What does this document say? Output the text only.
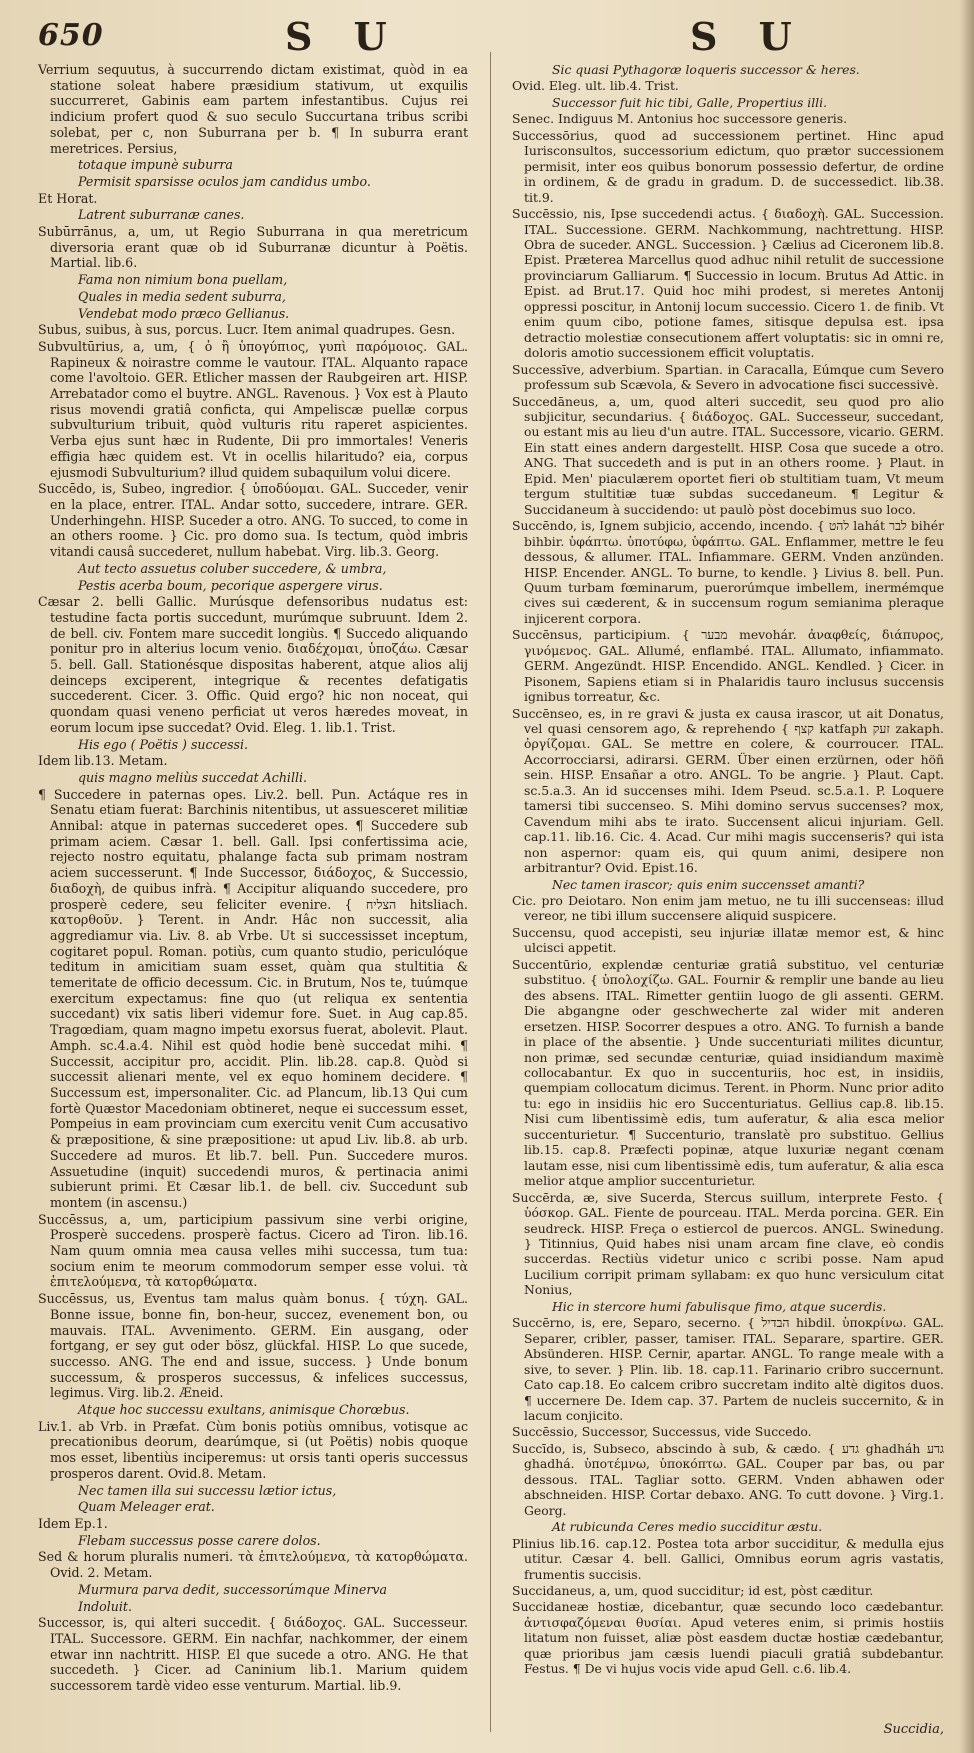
650	S U	S U

Verrium sequutus, à succurrendo dictam existimat, quòd in ea statione soleat habere præsidium stativum, ut exquilis succurreret, Gabinis eam partem infestantibus. Cujus rei indicium profert quod & suo seculo Succurtana tribus scribi solebat, per c, non Suburrana per b. ¶ In suburra erant meretrices. Persius,

totaque impunè suburra

Permisit sparsisse oculos jam candidus umbo.

Et Horat.

Latrent suburranæ canes.

Subūrrānus, a, um, ut Regio Suburrana in qua meretricum diversoria erant quæ ob id Suburranæ dicuntur à Poëtis. Martial. lib.6.

Fama non nimium bona puellam,

Quales in media sedent suburra,

Vendebat modo præco Gellianus.

Subus, suibus, à sus, porcus. Lucr. Item animal quadrupes. Gesn.

Subvultūrius, a, um, { ὁ ἢ ὑπογύπιος, γυπὶ παρόμοιος. GAL. Rapineux & noirastre comme le vautour. ITAL. Alquanto rapace come l'avoltoio. GER. Etlicher massen der Raubgeiren art. HISP. Arrebatador como el buytre. ANGL. Ravenous. } Vox est à Plauto risus movendi gratiâ conficta, qui Ampeliscæ puellæ corpus subvulturium tribuit, quòd vulturis ritu raperet aspicientes. Verba ejus sunt hæc in Rudente, Dii pro immortales! Veneris effigia hæc quidem est. Vt in ocellis hilaritudo? eia, corpus ejusmodi Subvulturium? illud quidem subaquilum volui dicere.

Succēdo, is, Subeo, ingredior. { ὑποδύομαι. GAL. Succeder, venir en la place, entrer. ITAL. Andar sotto, succedere, intrare. GER. Underhingehn. HISP. Suceder a otro. ANG. To succed, to come in an others roome. } Cic. pro domo sua. Is tectum, quòd imbris vitandi causâ succederet, nullum habebat. Virg. lib.3. Georg.

Aut tecto assuetus coluber succedere, & umbra,

Pestis acerba boum, pecorique aspergere virus.

Cæsar 2. belli Gallic. Murúsque defensoribus nudatus est: testudine facta portis succedunt, murúmque subruunt. Idem 2. de bell. civ. Fontem mare succedit longiùs. ¶ Succedo aliquando ponitur pro in alterius locum venio. διαδέχομαι, ὑποζάω. Cæsar 5. bell. Gall. Stationésque dispositas haberent, atque alios alij deinceps exciperent, integrique & recentes defatigatis succederent. Cicer. 3. Offic. Quid ergo? hic non noceat, qui quondam quasi veneno perficiat ut veros hæredes moveat, in eorum locum ipse succedat? Ovid. Eleg. 1. lib.1. Trist.

His ego ( Poëtis ) successi.

Idem lib.13. Metam.

quis magno meliùs succedat Achilli.

¶ Succedere in paternas opes. Liv.2. bell. Pun. Actáque res in Senatu etiam fuerat: Barchinis nitentibus, ut assuesceret militiæ Annibal: atque in paternas succederet opes. ¶ Succedere sub primam aciem. Cæsar 1. bell. Gall. Ipsi confertissima acie, rejecto nostro equitatu, phalange facta sub primam nostram aciem successerunt. ¶ Inde Successor, διάδοχος, & Successio, διαδοχὴ, de quibus infrà. ¶ Accipitur aliquando succedere, pro prosperè cedere, seu feliciter evenire. { הצליח hitsliach. κατορθοῦν. } Terent. in Andr. Hâc non successit, alia aggrediamur via. Liv. 8. ab Vrbe. Ut si successisset inceptum, cogitaret popul. Roman. potiùs, cum quanto studio, periculóque teditum in amicitiam suam esset, quàm qua stultitia & temeritate de officio decessum. Cic. in Brutum, Nos te, tuúmque exercitum expectamus: fine quo (ut reliqua ex sententia succedant) vix satis liberi videmur fore. Suet. in Aug cap.85. Tragœdiam, quam magno impetu exorsus fuerat, abolevit. Plaut. Amph. sc.4.a.4. Nihil est quòd hodie benè succedat mihi. ¶ Successit, accipitur pro, accidit. Plin. lib.28. cap.8. Quòd si successit alienari mente, vel ex equo hominem decidere. ¶ Successum est, impersonaliter. Cic. ad Plancum, lib.13 Qui cum fortè Quæstor Macedoniam obtineret, neque ei successum esset, Pompeius in eam provinciam cum exercitu venit Cum accusativo & præpositione, & sine præpositione: ut apud Liv. lib.8. ab urb. Succedere ad muros. Et lib.7. bell. Pun. Succedere muros. Assuetudine (inquit) succedendi muros, & pertinacia animi subierunt primi. Et Cæsar lib.1. de bell. civ. Succedunt sub montem (in ascensu.)

Succēssus, a, um, participium passivum sine verbi origine, Prosperè succedens. prosperè factus. Cicero ad Tiron. lib.16. Nam quum omnia mea causa velles mihi successa, tum tua: socium enim te meorum commodorum semper esse volui. τὰ ἐπιτελούμενα, τὰ κατορθώματα.

Succēssus, us, Eventus tam malus quàm bonus. { τύχη. GAL. Bonne issue, bonne fin, bon-heur, succez, evenement bon, ou mauvais. ITAL. Avvenimento. GERM. Ein ausgang, oder fortgang, er sey gut oder bösz, glückfal. HISP. Lo que sucede, successo. ANG. The end and issue, success. } Unde bonum successum, & prosperos successus, & infelices successus, legimus. Virg. lib.2. Æneid.

Atque hoc successu exultans, animisque Chorœbus.

Liv.1. ab Vrb. in Præfat. Cùm bonis potiùs omnibus, votisque ac precationibus deorum, dearúmque, si (ut Poëtis) nobis quoque mos esset, libentiùs inciperemus: ut orsis tanti operis successus prosperos darent. Ovid.8. Metam.

Nec tamen illa sui successu lætior ictus,

Quam Meleager erat.

Idem Ep.1.

Flebam successus posse carere dolos.

Sed & horum pluralis numeri. τὰ ἐπιτελούμενα, τὰ κατορθώματα. Ovid. 2. Metam.

Murmura parva dedit, successorúmque Minerva

Indoluit.

Successor, is, qui alteri succedit. { διάδοχος. GAL. Successeur. ITAL. Successore. GERM. Ein nachfar, nachkommer, der einem etwar inn nachtritt. HISP. El que sucede a otro. ANG. He that succedeth. } Cicer. ad Caninium lib.1. Marium quidem successorem tardè video esse venturum. Martial. lib.9.

Sic quasi Pythagoræ loqueris successor & heres.

Ovid. Eleg. ult. lib.4. Trist.

Successor fuit hic tibi, Galle, Propertius illi.

Senec. Indiguus M. Antonius hoc successore generis.

Successōrius, quod ad successionem pertinet. Hinc apud Iurisconsultos, successorium edictum, quo prætor successionem permisit, inter eos quibus bonorum possessio defertur, de ordine in ordinem, & de gradu in gradum. D. de successedict. lib.38. tit.9.

Succēssio, nis, Ipse succedendi actus. { διαδοχὴ. GAL. Succession. ITAL. Successione. GERM. Nachkommung, nachtrettung. HISP. Obra de suceder. ANGL. Succession. } Cælius ad Ciceronem lib.8. Epist. Præterea Marcellus quod adhuc nihil retulit de successione provinciarum Galliarum. ¶ Successio in locum. Brutus Ad Attic. in Epist. ad Brut.17. Quid hoc mihi prodest, si meretes Antonij oppressi poscitur, in Antonij locum successio. Cicero 1. de finib. Vt enim quum cibo, potione fames, sitisque depulsa est. ipsa detractio molestiæ consecutionem affert voluptatis: sic in omni re, doloris amotio successionem efficit voluptatis.

Successīve, adverbium. Spartian. in Caracalla, Eúmque cum Severo professum sub Scævola, & Severo in advocatione fisci successivè.

Succedāneus, a, um, quod alteri succedit, seu quod pro alio subjicitur, secundarius. { διάδοχος. GAL. Successeur, succedant, ou estant mis au lieu d'un autre. ITAL. Successore, vicario. GERM. Ein statt eines andern dargestellt. HISP. Cosa que sucede a otro. ANG. That succedeth and is put in an others roome. } Plaut. in Epid. Men' piaculærem oportet fieri ob stultitiam tuam, Vt meum tergum stultitiæ tuæ subdas succedaneum. ¶ Legitur & Succidaneum à succidendo: ut paulò pòst docebimus suo loco.

Succēndo, is, Ignem subjicio, accendo, incendo. { להט lahát לבר bihér bihbir. ὑφάπτω. ὑποτύφω, ὑφάπτω. GAL. Enflammer, mettre le feu dessous, & allumer. ITAL. Infiammare. GERM. Vnden anzünden. HISP. Encender. ANGL. To burne, to kendle. } Livius 8. bell. Pun. Quum turbam fœminarum, puerorúmque imbellem, inermémque cives sui cæderent, & in succensum rogum semianima pleraque injicerent corpora.

Succēnsus, participium. { מבער mevohár. ἀναφθείς, διάπυρος, γινόμενος. GAL. Allumé, enflambé. ITAL. Allumato, infiammato. GERM. Angezündt. HISP. Encendido. ANGL. Kendled. } Cicer. in Pisonem, Sapiens etiam si in Phalaridis tauro inclusus succensis ignibus torreatur, &c.

Succēnseo, es, in re gravi & justa ex causa irascor, ut ait Donatus, vel quasi censorem ago, & reprehendo { קצף katfaph זעק zakaph. ὀργίζομαι. GAL. Se mettre en colere, & courroucer. ITAL. Accorrocciarsi, adirarsi. GERM. Über einen erzürnen, oder höñ sein. HISP. Ensañar a otro. ANGL. To be angrie. } Plaut. Capt. sc.5.a.3. An id succenses mihi. Idem Pseud. sc.5.a.1. P. Loquere tamersi tibi succenseo. S. Mihi domino servus succenses? mox, Cavendum mihi abs te irato. Succensent alicui injuriam. Gell. cap.11. lib.16. Cic. 4. Acad. Cur mihi magis succenseris? qui ista non aspernor: quam eis, qui quum animi, desipere non arbitrantur? Ovid. Epist.16.

Nec tamen irascor; quis enim succensset amanti?

Cic. pro Deiotaro. Non enim jam metuo, ne tu illi succenseas: illud vereor, ne tibi illum succensere aliquid suspicere.

Succensu, quod accepisti, seu injuriæ illatæ memor est, & hinc ulcisci appetit.

Succentūrio, explendæ centuriæ gratiâ substituo, vel centuriæ substituo. { ὑπολοχίζω. GAL. Fournir & remplir une bande au lieu des absens. ITAL. Rimetter gentiin luogo de gli assenti. GERM. Die abgangne oder geschwecherte zal wider mit anderen ersetzen. HISP. Socorrer despues a otro. ANG. To furnish a bande in place of the absentie. } Unde succenturiati milites dicuntur, non primæ, sed secundæ centuriæ, quiad insidiandum maximè collocabantur. Ex quo in succenturiis, hoc est, in insidiis, quempiam collocatum dicimus. Terent. in Phorm. Nunc prior adito tu: ego in insidiis hic ero Succenturiatus. Gellius cap.8. lib.15. Nisi cum libentissimè edis, tum auferatur, & alia esca melior succenturietur. ¶ Succenturio, translatè pro substituo. Gellius lib.15. cap.8. Præfecti popinæ, atque luxuriæ negant cœnam lautam esse, nisi cum libentissimè edis, tum auferatur, & alia esca melior atque amplior succenturietur.

Succērda, æ, sive Sucerda, Stercus suillum, interprete Festo. { ὑόσκορ. GAL. Fiente de pourceau. ITAL. Merda porcina. GER. Ein seudreck. HISP. Freça o estiercol de puercos. ANGL. Swinedung. } Titinnius, Quid habes nisi unam arcam fine clave, eò condis succerdas. Rectiùs videtur unico c scribi posse. Nam apud Lucilium corripit primam syllabam: ex quo hunc versiculum citat Nonius,

Hic in stercore humi fabulisque fimo, atque sucerdis.

Succērno, is, ere, Separo, secerno. { הבדיל hibdil. ὑποκρίνω. GAL. Separer, cribler, passer, tamiser. ITAL. Separare, spartire. GER. Absünderen. HISP. Cernir, apartar. ANGL. To range meale with a sive, to sever. } Plin. lib. 18. cap.11. Farinario cribro succernunt. Cato cap.18. Eo calcem cribro succretam indito altè digitos duos. ¶ uccernere De. Idem cap. 37. Partem de nucleis succernito, & in lacum conjicito.

Succēssio, Successor, Successus, vide Succedo.

Succīdo, is, Subseco, abscindo à sub, & cædo. { גדע ghadháh גדע ghadhá. ὑποτέμνω, ὑποκόπτω. GAL. Couper par bas, ou par dessous. ITAL. Tagliar sotto. GERM. Vnden abhawen oder abschneiden. HISP. Cortar debaxo. ANG. To cutt dovone. } Virg.1. Georg.

At rubicunda Ceres medio succiditur æstu.

Plinius lib.16. cap.12. Postea tota arbor succiditur, & medulla ejus utitur. Cæsar 4. bell. Gallici, Omnibus eorum agris vastatis, frumentis succisis.

Succidaneus, a, um, quod succiditur; id est, pòst cæditur.

Succidaneæ hostiæ, dicebantur, quæ secundo loco cædebantur. ἀντισφαζόμεναι θυσίαι. Apud veteres enim, si primis hostiis litatum non fuisset, aliæ pòst easdem ductæ hostiæ cædebantur, quæ prioribus jam cæsis luendi piaculi gratiâ subdebantur. Festus. ¶ De vi hujus vocis vide apud Gell. c.6. lib.4.

Succidia,
